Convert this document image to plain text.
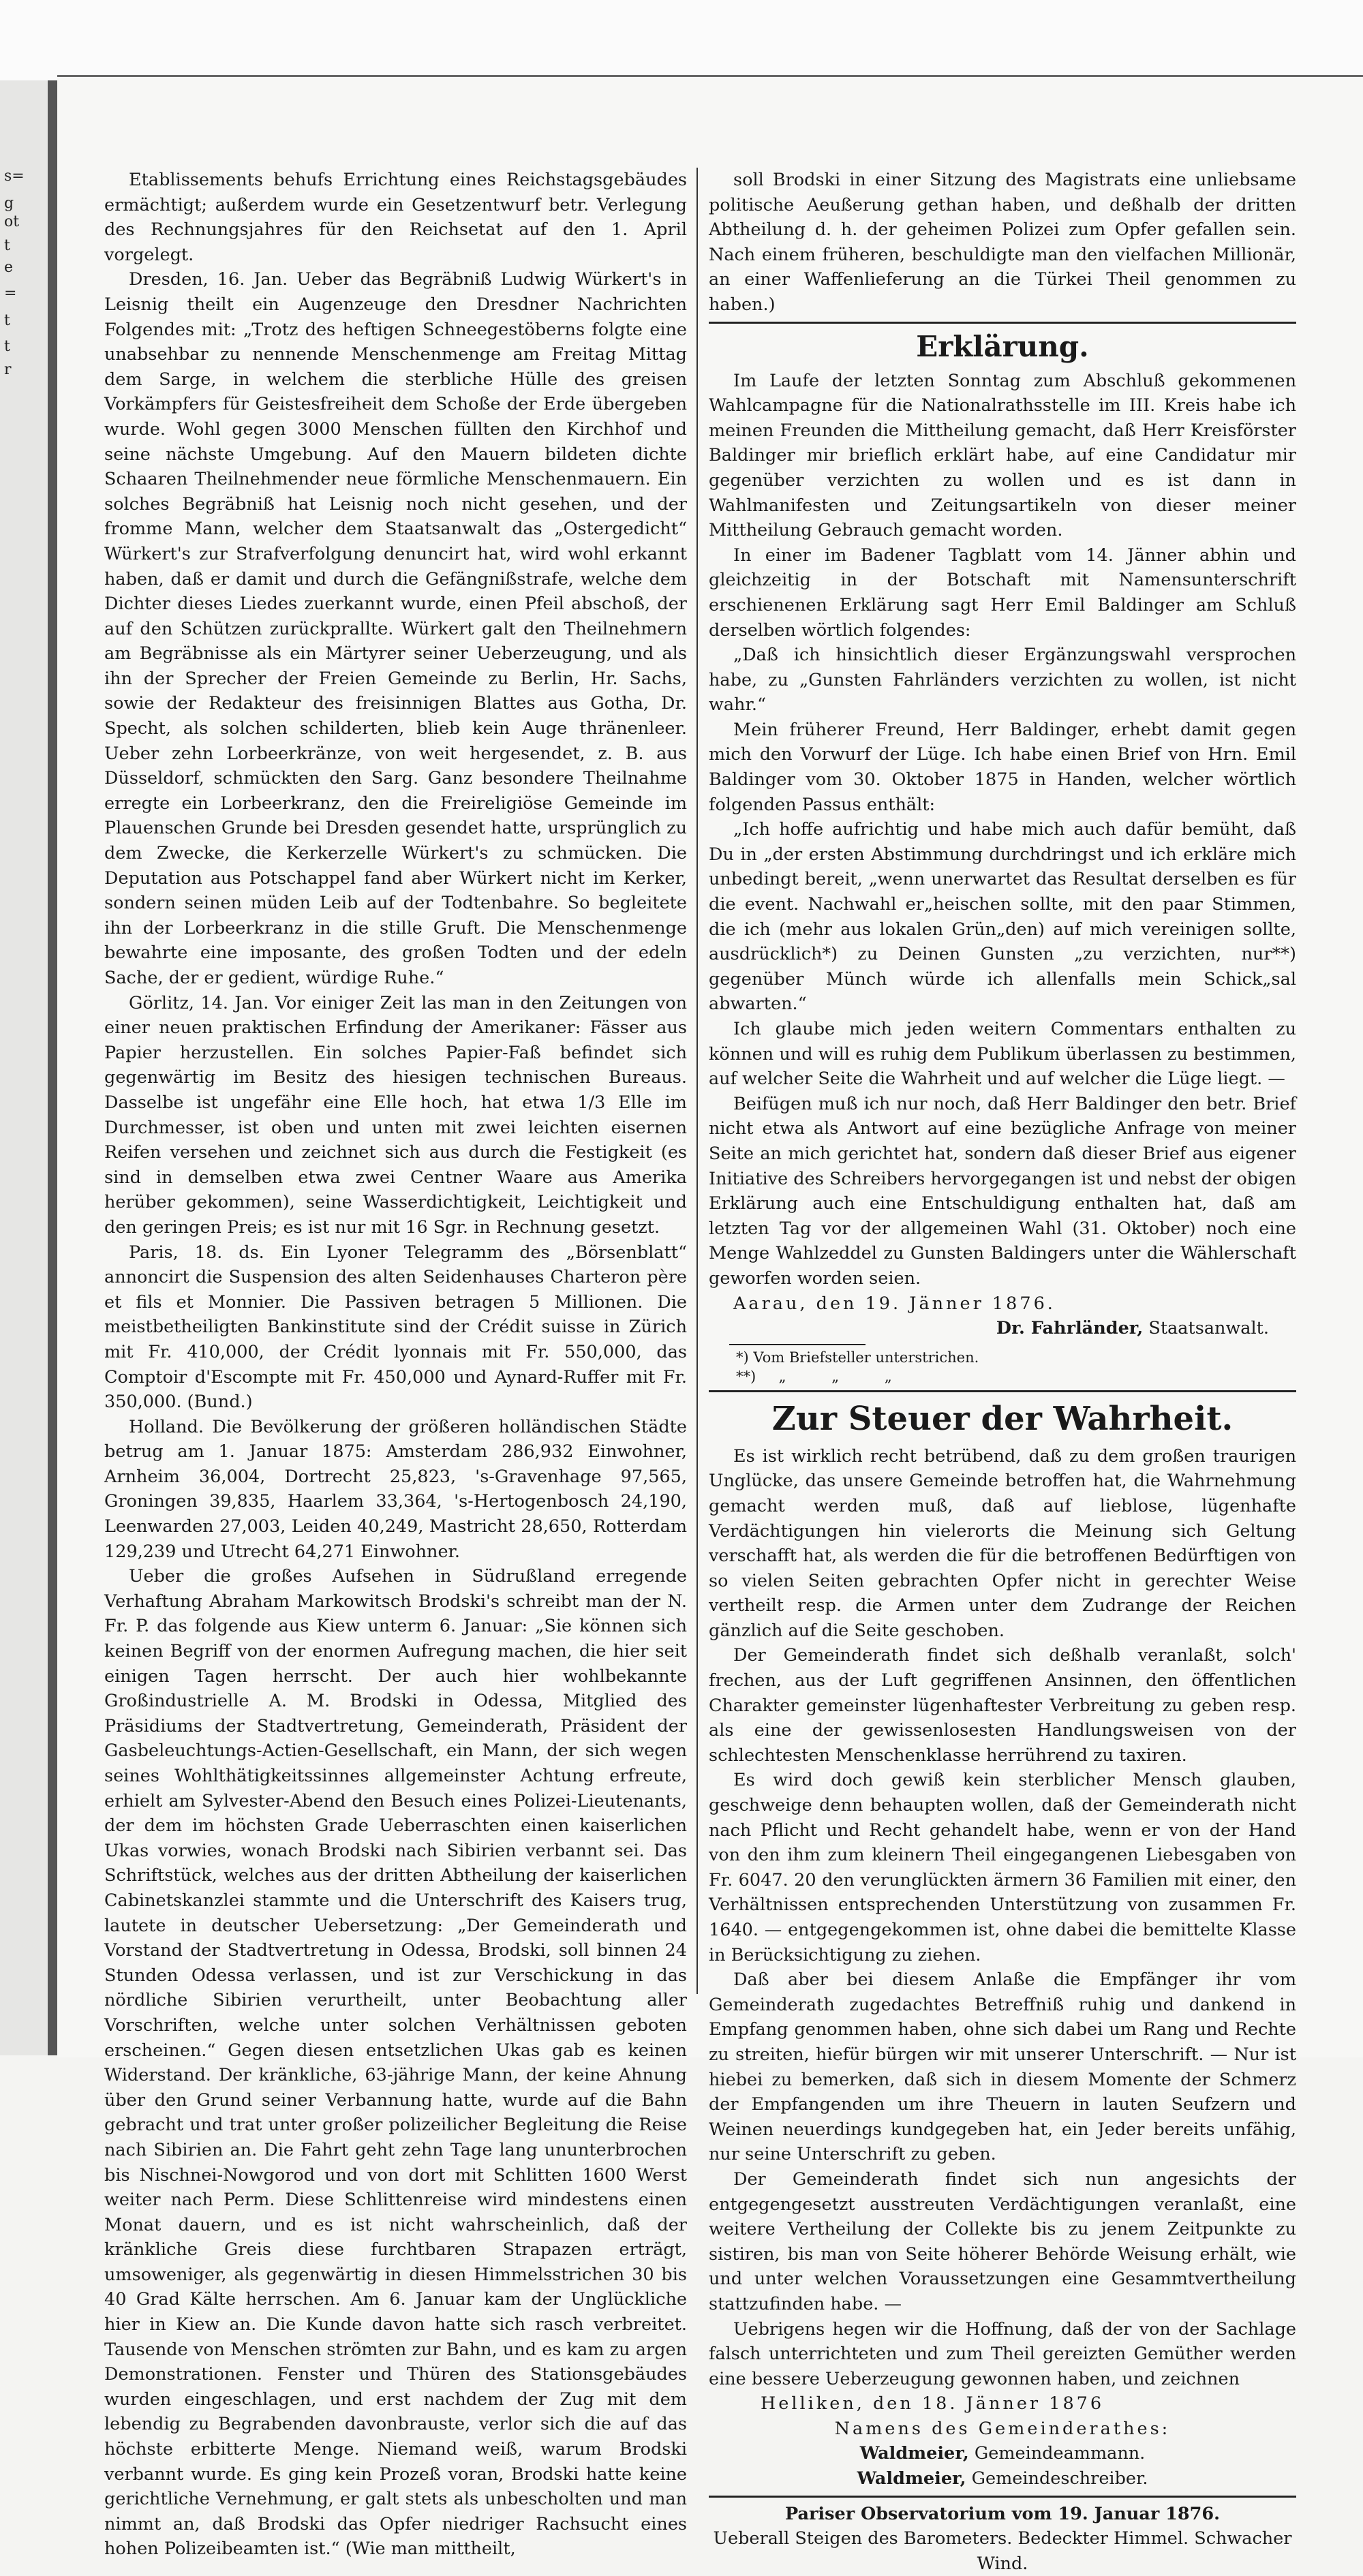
s=
g
ot
t
e
=
t
t
r

Etablissements behufs Errichtung eines Reichstagsgebäudes ermächtigt; außerdem wurde ein Gesetzentwurf betr. Verlegung des Rechnungsjahres für den Reichsetat auf den 1. April vorgelegt.

Dresden, 16. Jan. Ueber das Begräbniß Ludwig Würkert's in Leisnig theilt ein Augenzeuge den Dresdner Nachrichten Folgendes mit: „Trotz des heftigen Schneegestöberns folgte eine unabsehbar zu nennende Menschenmenge am Freitag Mittag dem Sarge, in welchem die sterbliche Hülle des greisen Vorkämpfers für Geistesfreiheit dem Schoße der Erde übergeben wurde. Wohl gegen 3000 Menschen füllten den Kirchhof und seine nächste Umgebung. Auf den Mauern bildeten dichte Schaaren Theilnehmender neue förmliche Menschenmauern. Ein solches Begräbniß hat Leisnig noch nicht gesehen, und der fromme Mann, welcher dem Staatsanwalt das „Ostergedicht“ Würkert's zur Strafverfolgung denuncirt hat, wird wohl erkannt haben, daß er damit und durch die Gefängnißstrafe, welche dem Dichter dieses Liedes zuerkannt wurde, einen Pfeil abschoß, der auf den Schützen zurückprallte. Würkert galt den Theilnehmern am Begräbnisse als ein Märtyrer seiner Ueberzeugung, und als ihn der Sprecher der Freien Gemeinde zu Berlin, Hr. Sachs, sowie der Redakteur des freisinnigen Blattes aus Gotha, Dr. Specht, als solchen schilderten, blieb kein Auge thränenleer. Ueber zehn Lorbeerkränze, von weit hergesendet, z. B. aus Düsseldorf, schmückten den Sarg. Ganz besondere Theilnahme erregte ein Lorbeerkranz, den die Freireligiöse Gemeinde im Plauenschen Grunde bei Dresden gesendet hatte, ursprünglich zu dem Zwecke, die Kerkerzelle Würkert's zu schmücken. Die Deputation aus Potschappel fand aber Würkert nicht im Kerker, sondern seinen müden Leib auf der Todtenbahre. So begleitete ihn der Lorbeerkranz in die stille Gruft. Die Menschenmenge bewahrte eine imposante, des großen Todten und der edeln Sache, der er gedient, würdige Ruhe.“

Görlitz, 14. Jan. Vor einiger Zeit las man in den Zeitungen von einer neuen praktischen Erfindung der Amerikaner: Fässer aus Papier herzustellen. Ein solches Papier-Faß befindet sich gegenwärtig im Besitz des hiesigen technischen Bureaus. Dasselbe ist ungefähr eine Elle hoch, hat etwa 1/3 Elle im Durchmesser, ist oben und unten mit zwei leichten eisernen Reifen versehen und zeichnet sich aus durch die Festigkeit (es sind in demselben etwa zwei Centner Waare aus Amerika herüber gekommen), seine Wasserdichtigkeit, Leichtigkeit und den geringen Preis; es ist nur mit 16 Sgr. in Rechnung gesetzt.

Paris, 18. ds. Ein Lyoner Telegramm des „Börsenblatt“ annoncirt die Suspension des alten Seidenhauses Charteron père et fils et Monnier. Die Passiven betragen 5 Millionen. Die meistbetheiligten Bankinstitute sind der Crédit suisse in Zürich mit Fr. 410,000, der Crédit lyonnais mit Fr. 550,000, das Comptoir d'Escompte mit Fr. 450,000 und Aynard-Ruffer mit Fr. 350,000. (Bund.)

Holland. Die Bevölkerung der größeren holländischen Städte betrug am 1. Januar 1875: Amsterdam 286,932 Einwohner, Arnheim 36,004, Dortrecht 25,823, 's-Gravenhage 97,565, Groningen 39,835, Haarlem 33,364, 's-Hertogenbosch 24,190, Leenwarden 27,003, Leiden 40,249, Mastricht 28,650, Rotterdam 129,239 und Utrecht 64,271 Einwohner.

Ueber die großes Aufsehen in Südrußland erregende Verhaftung Abraham Markowitsch Brodski's schreibt man der N. Fr. P. das folgende aus Kiew unterm 6. Januar: „Sie können sich keinen Begriff von der enormen Aufregung machen, die hier seit einigen Tagen herrscht. Der auch hier wohlbekannte Großindustrielle A. M. Brodski in Odessa, Mitglied des Präsidiums der Stadtvertretung, Gemeinderath, Präsident der Gasbeleuchtungs-Actien-Gesellschaft, ein Mann, der sich wegen seines Wohlthätigkeitssinnes allgemeinster Achtung erfreute, erhielt am Sylvester-Abend den Besuch eines Polizei-Lieutenants, der dem im höchsten Grade Ueberraschten einen kaiserlichen Ukas vorwies, wonach Brodski nach Sibirien verbannt sei. Das Schriftstück, welches aus der dritten Abtheilung der kaiserlichen Cabinetskanzlei stammte und die Unterschrift des Kaisers trug, lautete in deutscher Uebersetzung: „Der Gemeinderath und Vorstand der Stadtvertretung in Odessa, Brodski, soll binnen 24 Stunden Odessa verlassen, und ist zur Verschickung in das nördliche Sibirien verurtheilt, unter Beobachtung aller Vorschriften, welche unter solchen Verhältnissen geboten erscheinen.“ Gegen diesen entsetzlichen Ukas gab es keinen Widerstand. Der kränkliche, 63-jährige Mann, der keine Ahnung über den Grund seiner Verbannung hatte, wurde auf die Bahn gebracht und trat unter großer polizeilicher Begleitung die Reise nach Sibirien an. Die Fahrt geht zehn Tage lang ununterbrochen bis Nischnei-Nowgorod und von dort mit Schlitten 1600 Werst weiter nach Perm. Diese Schlittenreise wird mindestens einen Monat dauern, und es ist nicht wahrscheinlich, daß der kränkliche Greis diese furchtbaren Strapazen erträgt, umsoweniger, als gegenwärtig in diesen Himmelsstrichen 30 bis 40 Grad Kälte herrschen. Am 6. Januar kam der Unglückliche hier in Kiew an. Die Kunde davon hatte sich rasch verbreitet. Tausende von Menschen strömten zur Bahn, und es kam zu argen Demonstrationen. Fenster und Thüren des Stationsgebäudes wurden eingeschlagen, und erst nachdem der Zug mit dem lebendig zu Begrabenden davonbrauste, verlor sich die auf das höchste erbitterte Menge. Niemand weiß, warum Brodski verbannt wurde. Es ging kein Prozeß voran, Brodski hatte keine gerichtliche Vernehmung, er galt stets als unbescholten und man nimmt an, daß Brodski das Opfer niedriger Rachsucht eines hohen Polizeibeamten ist.“ (Wie man mittheilt,

soll Brodski in einer Sitzung des Magistrats eine unliebsame politische Aeußerung gethan haben, und deßhalb der dritten Abtheilung d. h. der geheimen Polizei zum Opfer gefallen sein. Nach einem früheren, beschuldigte man den vielfachen Millionär, an einer Waffenlieferung an die Türkei Theil genommen zu haben.)

Erklärung.

Im Laufe der letzten Sonntag zum Abschluß gekommenen Wahlcampagne für die Nationalrathsstelle im III. Kreis habe ich meinen Freunden die Mittheilung gemacht, daß Herr Kreisförster Baldinger mir brieflich erklärt habe, auf eine Candidatur mir gegenüber verzichten zu wollen und es ist dann in Wahlmanifesten und Zeitungsartikeln von dieser meiner Mittheilung Gebrauch gemacht worden.

In einer im Badener Tagblatt vom 14. Jänner abhin und gleichzeitig in der Botschaft mit Namensunterschrift erschienenen Erklärung sagt Herr Emil Baldinger am Schluß derselben wörtlich folgendes:

„Daß ich hinsichtlich dieser Ergänzungswahl versprochen habe, zu „Gunsten Fahrländers verzichten zu wollen, ist nicht wahr.“

Mein früherer Freund, Herr Baldinger, erhebt damit gegen mich den Vorwurf der Lüge. Ich habe einen Brief von Hrn. Emil Baldinger vom 30. Oktober 1875 in Handen, welcher wörtlich folgenden Passus enthält:

„Ich hoffe aufrichtig und habe mich auch dafür bemüht, daß Du in „der ersten Abstimmung durchdringst und ich erkläre mich unbedingt bereit, „wenn unerwartet das Resultat derselben es für die event. Nachwahl er„heischen sollte, mit den paar Stimmen, die ich (mehr aus lokalen Grün„den) auf mich vereinigen sollte, ausdrücklich*) zu Deinen Gunsten „zu verzichten, nur**) gegenüber Münch würde ich allenfalls mein Schick„sal abwarten.“

Ich glaube mich jeden weitern Commentars enthalten zu können und will es ruhig dem Publikum überlassen zu bestimmen, auf welcher Seite die Wahrheit und auf welcher die Lüge liegt. —

Beifügen muß ich nur noch, daß Herr Baldinger den betr. Brief nicht etwa als Antwort auf eine bezügliche Anfrage von meiner Seite an mich gerichtet hat, sondern daß dieser Brief aus eigener Initiative des Schreibers hervorgegangen ist und nebst der obigen Erklärung auch eine Entschuldigung enthalten hat, daß am letzten Tag vor der allgemeinen Wahl (31. Oktober) noch eine Menge Wahlzeddel zu Gunsten Baldingers unter die Wählerschaft geworfen worden seien.

Aarau, den 19. Jänner 1876.

Dr. Fahrländer, Staatsanwalt.

*) Vom Briefsteller unterstrichen.

**)     „          „          „

Zur Steuer der Wahrheit.

Es ist wirklich recht betrübend, daß zu dem großen traurigen Unglücke, das unsere Gemeinde betroffen hat, die Wahrnehmung gemacht werden muß, daß auf lieblose, lügenhafte Verdächtigungen hin vielerorts die Meinung sich Geltung verschafft hat, als werden die für die betroffenen Bedürftigen von so vielen Seiten gebrachten Opfer nicht in gerechter Weise vertheilt resp. die Armen unter dem Zudrange der Reichen gänzlich auf die Seite geschoben.

Der Gemeinderath findet sich deßhalb veranlaßt, solch' frechen, aus der Luft gegriffenen Ansinnen, den öffentlichen Charakter gemeinster lügenhaftester Verbreitung zu geben resp. als eine der gewissenlosesten Handlungsweisen von der schlechtesten Menschenklasse herrührend zu taxiren.

Es wird doch gewiß kein sterblicher Mensch glauben, geschweige denn behaupten wollen, daß der Gemeinderath nicht nach Pflicht und Recht gehandelt habe, wenn er von der Hand von den ihm zum kleinern Theil eingegangenen Liebesgaben von Fr. 6047. 20 den verunglückten ärmern 36 Familien mit einer, den Verhältnissen entsprechenden Unterstützung von zusammen Fr. 1640. — entgegengekommen ist, ohne dabei die bemittelte Klasse in Berücksichtigung zu ziehen.

Daß aber bei diesem Anlaße die Empfänger ihr vom Gemeinderath zugedachtes Betreffniß ruhig und dankend in Empfang genommen haben, ohne sich dabei um Rang und Rechte zu streiten, hiefür bürgen wir mit unserer Unterschrift. — Nur ist hiebei zu bemerken, daß sich in diesem Momente der Schmerz der Empfangenden um ihre Theuern in lauten Seufzern und Weinen neuerdings kundgegeben hat, ein Jeder bereits unfähig, nur seine Unterschrift zu geben.

Der Gemeinderath findet sich nun angesichts der entgegengesetzt ausstreuten Verdächtigungen veranlaßt, eine weitere Vertheilung der Collekte bis zu jenem Zeitpunkte zu sistiren, bis man von Seite höherer Behörde Weisung erhält, wie und unter welchen Voraussetzungen eine Gesammtvertheilung stattzufinden habe. —

Uebrigens hegen wir die Hoffnung, daß der von der Sachlage falsch unterrichteten und zum Theil gereizten Gemüther werden eine bessere Ueberzeugung gewonnen haben, und zeichnen

Helliken, den 18. Jänner 1876

Namens des Gemeinderathes:

Waldmeier, Gemeindeammann.

Waldmeier, Gemeindeschreiber.

Pariser Observatorium vom 19. Januar 1876.

Ueberall Steigen des Barometers. Bedeckter Himmel. Schwacher Wind.
